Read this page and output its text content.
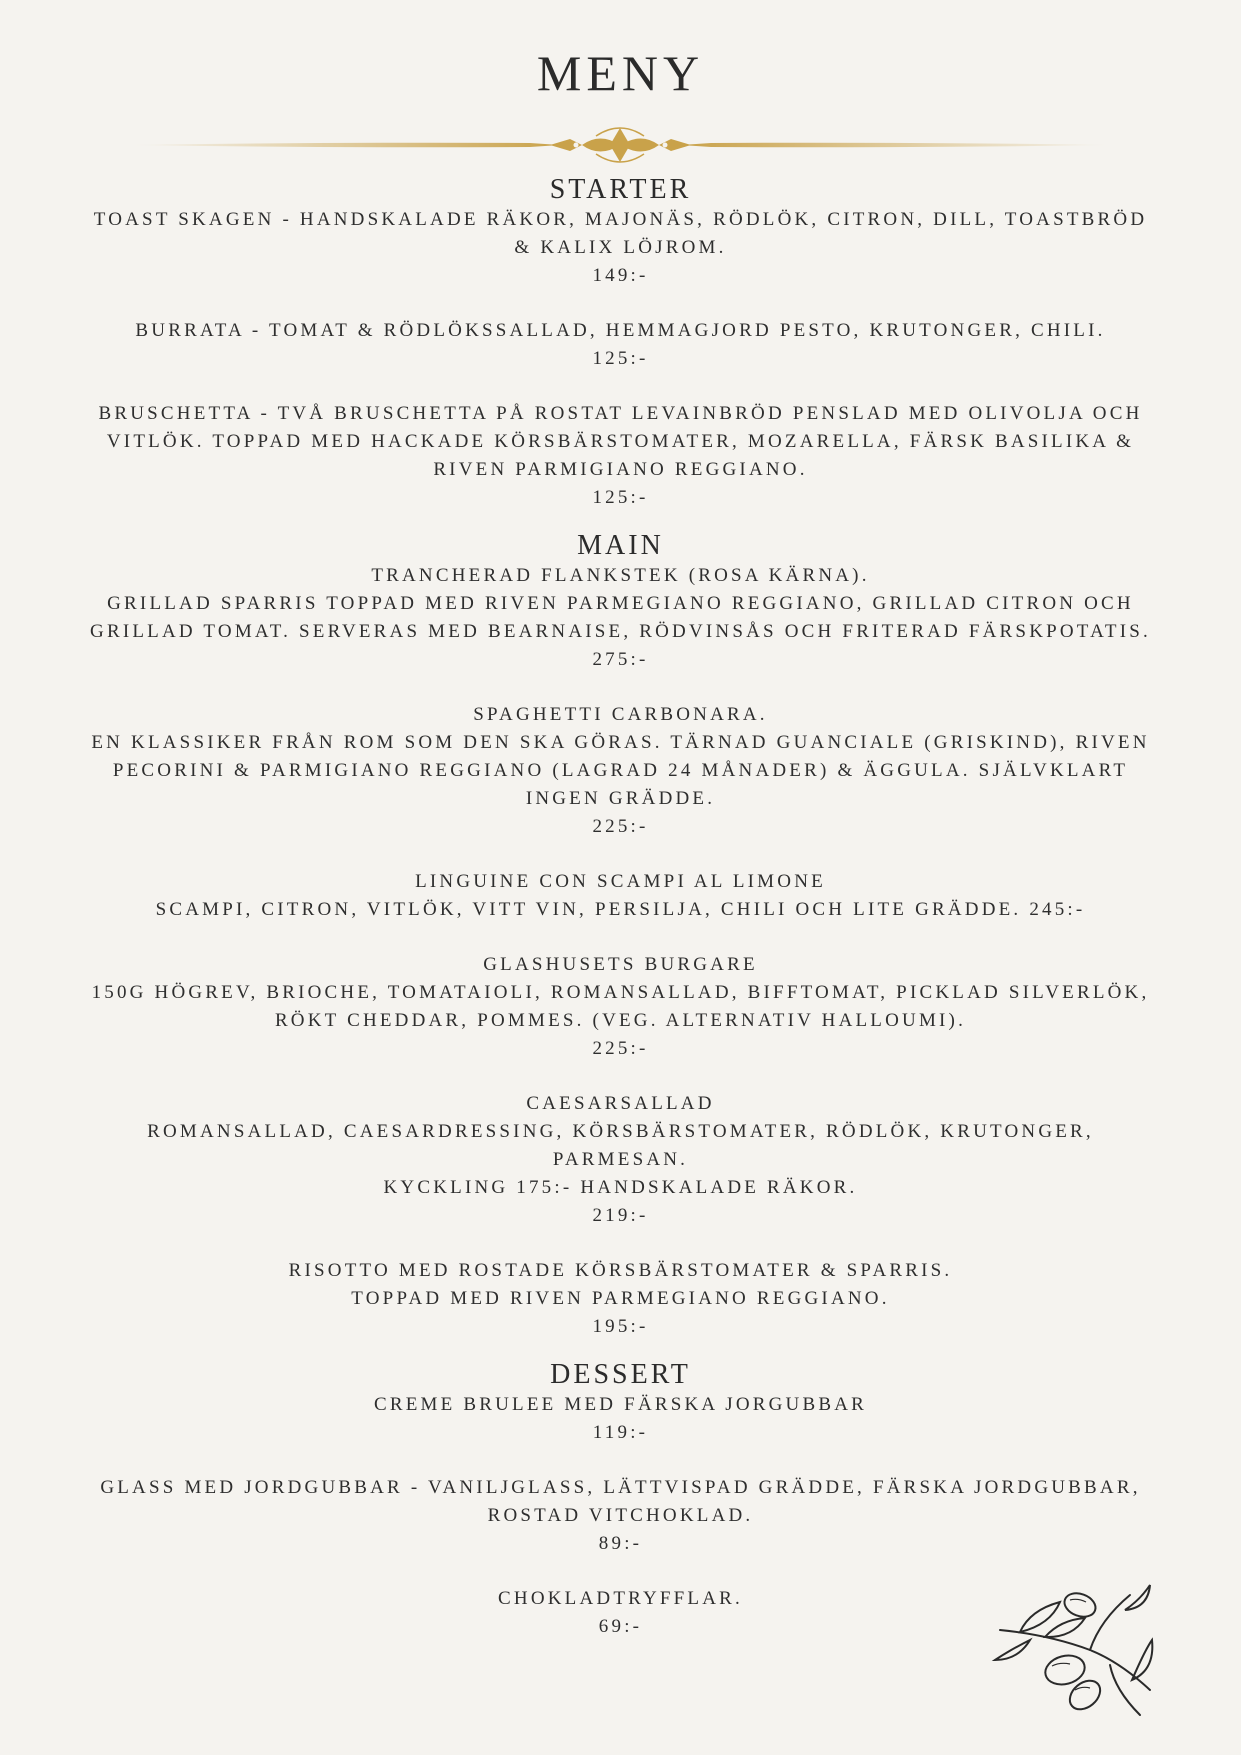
MENY
STARTER
TOAST SKAGEN - HANDSKALADE RÄKOR, MAJONÄS, RÖDLÖK, CITRON, DILL, TOASTBRÖD
& KALIX LÖJROM.
149:-
BURRATA - TOMAT & RÖDLÖKSSALLAD, HEMMAGJORD PESTO, KRUTONGER, CHILI.
125:-
BRUSCHETTA - TVÅ BRUSCHETTA PÅ ROSTAT LEVAINBRÖD PENSLAD MED OLIVOLJA OCH
VITLÖK. TOPPAD MED HACKADE KÖRSBÄRSTOMATER, MOZARELLA, FÄRSK BASILIKA &
RIVEN PARMIGIANO REGGIANO.
125:-
MAIN
TRANCHERAD FLANKSTEK (ROSA KÄRNA).
GRILLAD SPARRIS TOPPAD MED RIVEN PARMEGIANO REGGIANO, GRILLAD CITRON OCH
GRILLAD TOMAT. SERVERAS MED BEARNAISE, RÖDVINSÅS OCH FRITERAD FÄRSKPOTATIS.
275:-
SPAGHETTI CARBONARA.
EN KLASSIKER FRÅN ROM SOM DEN SKA GÖRAS. TÄRNAD GUANCIALE (GRISKIND), RIVEN
PECORINI & PARMIGIANO REGGIANO (LAGRAD 24 MÅNADER) & ÄGGULA. SJÄLVKLART
INGEN GRÄDDE.
225:-
LINGUINE CON SCAMPI AL LIMONE
SCAMPI, CITRON, VITLÖK, VITT VIN, PERSILJA, CHILI OCH LITE GRÄDDE. 245:-
GLASHUSETS BURGARE
150G HÖGREV, BRIOCHE, TOMATAIOLI, ROMANSALLAD, BIFFTOMAT, PICKLAD SILVERLÖK,
RÖKT CHEDDAR, POMMES. (VEG. ALTERNATIV HALLOUMI).
225:-
CAESARSALLAD
ROMANSALLAD, CAESARDRESSING, KÖRSBÄRSTOMATER, RÖDLÖK, KRUTONGER,
PARMESAN.
KYCKLING 175:- HANDSKALADE RÄKOR.
219:-
RISOTTO MED ROSTADE KÖRSBÄRSTOMATER & SPARRIS.
TOPPAD MED RIVEN PARMEGIANO REGGIANO.
195:-
DESSERT
CREME BRULEE MED FÄRSKA JORGUBBAR
119:-
GLASS MED JORDGUBBAR - VANILJGLASS, LÄTTVISPAD GRÄDDE, FÄRSKA JORDGUBBAR,
ROSTAD VITCHOKLAD.
89:-
CHOKLADTRYFFLAR.
69:-
